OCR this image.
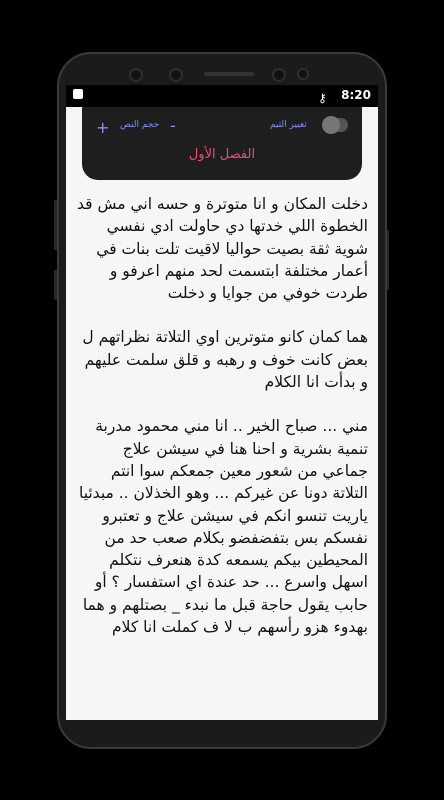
⚷ 8:20
+ حجم النص -	تغيير الثيم
الفصل الأول

دخلت المكان و انا متوترة و حسه اني مش قد الخطوة اللي خدتها دي حاولت ادي نفسي شوية ثقة بصيت حواليا لاقيت تلت بنات في أعمار مختلفة ابتسمت لحد منهم اعرفو و طردت خوفي من جوايا و دخلت

هما كمان كانو متوترين اوي التلاتة نظراتهم ل بعض كانت خوف و رهبه و قلق سلمت عليهم و بدأت انا الكلام

مني ... صباح الخير .. انا مني محمود مدربة تنمية بشرية و احنا هنا في سيشن علاج جماعي من شعور معين جمعكم سوا انتم التلاتة دونا عن غيركم ... وهو الخذلان .. مبدئيا ياريت تنسو انكم في سيشن علاج و تعتبرو نفسكم بس بتفضفضو بكلام صعب حد من المحيطين بيكم يسمعه كدة هنعرف نتكلم اسهل واسرع ... حد عندة اي استفسار ؟ أو حابب يقول حاجة قبل ما نبدء _ بصتلهم و هما بهدوء هزو رأسهم ب لا ف كملت انا كلام
